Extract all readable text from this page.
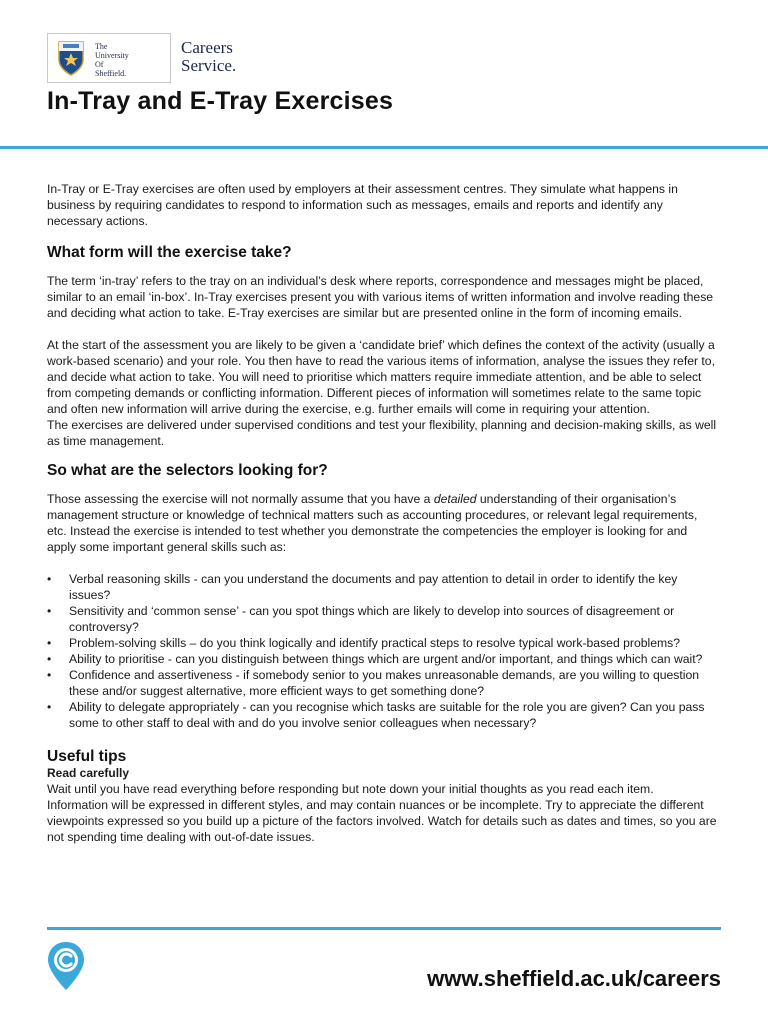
The
University
Of
Sheffield.
Careers
Service.
In-Tray and E-Tray Exercises

In-Tray or E-Tray exercises are often used by employers at their assessment centres. They simulate what happens in business by requiring candidates to respond to information such as messages, emails and reports and identify any necessary actions.

What form will the exercise take?

The term ‘in-tray’ refers to the tray on an individual’s desk where reports, correspondence and messages might be placed, similar to an email ‘in-box’. In-Tray exercises present you with various items of written information and involve reading these and deciding what action to take. E-Tray exercises are similar but are presented online in the form of incoming emails.

At the start of the assessment you are likely to be given a ‘candidate brief’ which defines the context of the activity (usually a work-based scenario) and your role. You then have to read the various items of information, analyse the issues they refer to, and decide what action to take. You will need to prioritise which matters require immediate attention, and be able to select from competing demands or conflicting information. Different pieces of information will sometimes relate to the same topic and often new information will arrive during the exercise, e.g. further emails will come in requiring your attention.

The exercises are delivered under supervised conditions and test your flexibility, planning and decision-making skills, as well as time management.

So what are the selectors looking for?

Those assessing the exercise will not normally assume that you have a detailed understanding of their organisation’s management structure or knowledge of technical matters such as accounting procedures, or relevant legal requirements, etc. Instead the exercise is intended to test whether you demonstrate the competencies the employer is looking for and apply some important general skills such as:

• Verbal reasoning skills - can you understand the documents and pay attention to detail in order to identify the key issues?
• Sensitivity and ‘common sense’ - can you spot things which are likely to develop into sources of disagreement or controversy?
• Problem-solving skills – do you think logically and identify practical steps to resolve typical work-based problems?
• Ability to prioritise - can you distinguish between things which are urgent and/or important, and things which can wait?
• Confidence and assertiveness - if somebody senior to you makes unreasonable demands, are you willing to question these and/or suggest alternative, more efficient ways to get something done?
• Ability to delegate appropriately - can you recognise which tasks are suitable for the role you are given? Can you pass some to other staff to deal with and do you involve senior colleagues when necessary?
Useful tips
Read carefully

Wait until you have read everything before responding but note down your initial thoughts as you read each item. Information will be expressed in different styles, and may contain nuances or be incomplete. Try to appreciate the different viewpoints expressed so you build up a picture of the factors involved. Watch for details such as dates and times, so you are not spending time dealing with out-of-date issues.

www.sheffield.ac.uk/careers
